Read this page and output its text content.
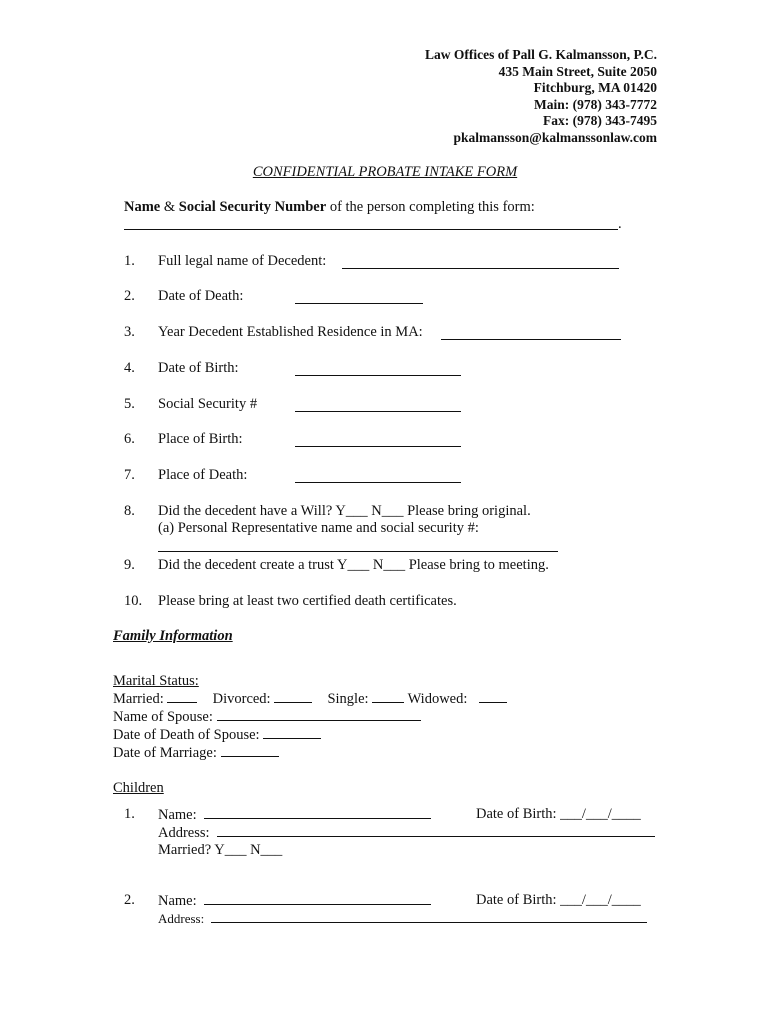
Law Offices of Pall G. Kalmansson, P.C.
435 Main Street, Suite 2050
Fitchburg, MA 01420
Main: (978) 343-7772
Fax: (978) 343-7495
pkalmansson@kalmanssonlaw.com
CONFIDENTIAL PROBATE INTAKE FORM
Name & Social Security Number of the person completing this form:
.
1.	Full legal name of Decedent:
2.	Date of Death:
3.	Year Decedent Established Residence in MA:
4.	Date of Birth:
5.	Social Security #
6.	Place of Birth:
7.	Place of Death:
8.	Did the decedent have a Will? Y___ N___ Please bring original.
(a) Personal Representative name and social security #:
9.	Did the decedent create a trust Y___ N___ Please bring to meeting.
10. Please bring at least two certified death certificates.
Family Information
Marital Status:
Married:	Divorced:	Single:	Widowed:
Name of Spouse:
Date of Death of Spouse:
Date of Marriage:
Children
1.	Name:	Date of Birth: ___/___/____
Address:
Married? Y___ N___
2.	Name:	Date of Birth: ___/___/____
Address:
